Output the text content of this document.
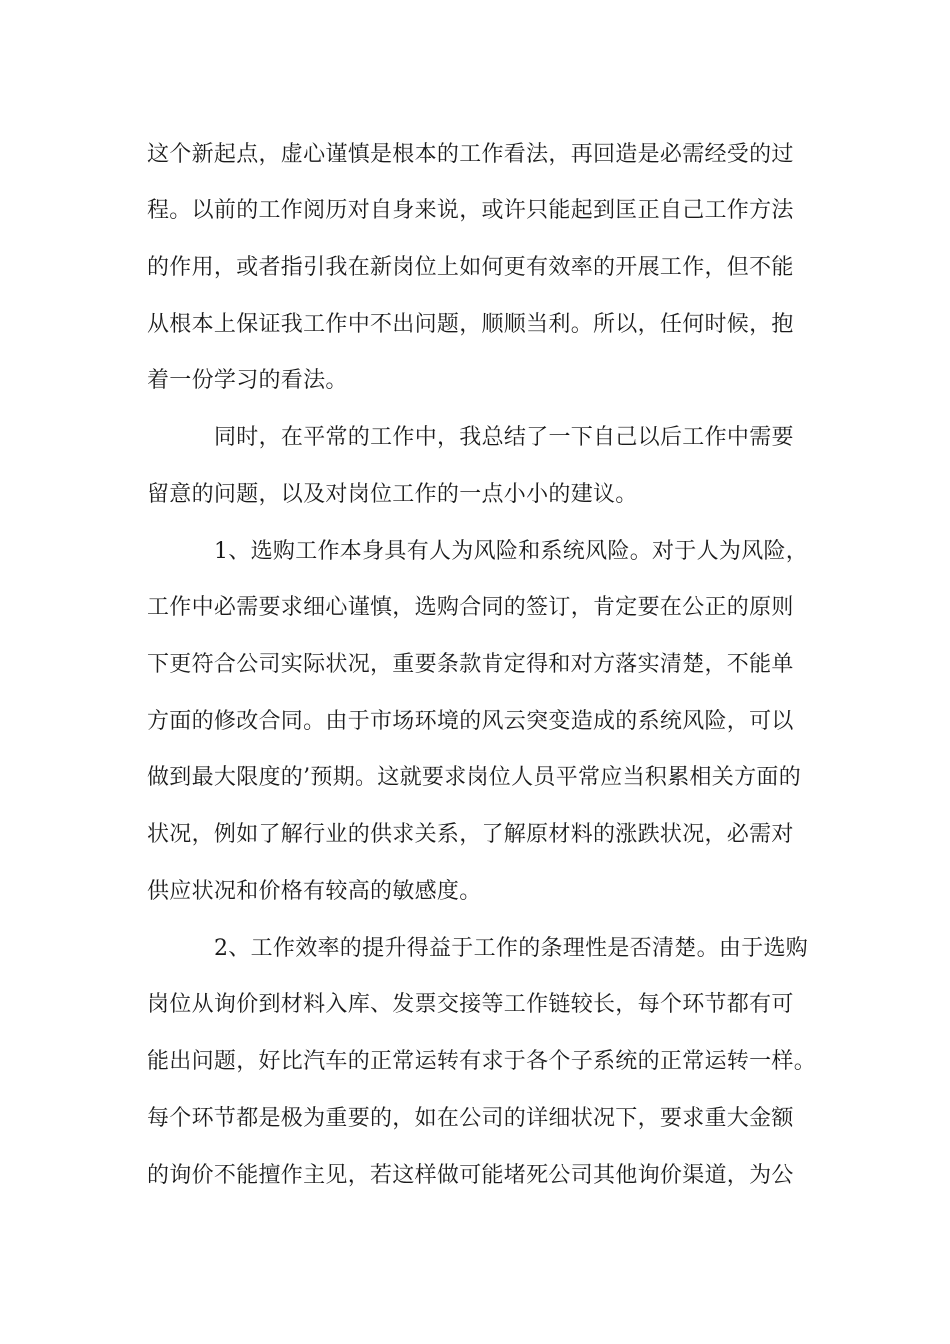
这个新起点，虚心谨慎是根本的工作看法，再回造是必需经受的过
程。以前的工作阅历对自身来说，或许只能起到匡正自己工作方法
的作用，或者指引我在新岗位上如何更有效率的开展工作，但不能
从根本上保证我工作中不出问题，顺顺当利。所以，任何时候，抱
着一份学习的看法。
同时，在平常的工作中，我总结了一下自己以后工作中需要
留意的问题，以及对岗位工作的一点小小的建议。
1、选购工作本身具有人为风险和系统风险。对于人为风险，
工作中必需要求细心谨慎，选购合同的签订，肯定要在公正的原则
下更符合公司实际状况，重要条款肯定得和对方落实清楚，不能单
方面的修改合同。由于市场环境的风云突变造成的系统风险，可以
做到最大限度的’预期。这就要求岗位人员平常应当积累相关方面的
状况，例如了解行业的供求关系，了解原材料的涨跌状况，必需对
供应状况和价格有较高的敏感度。
2、工作效率的提升得益于工作的条理性是否清楚。由于选购
岗位从询价到材料入库、发票交接等工作链较长，每个环节都有可
能出问题，好比汽车的正常运转有求于各个子系统的正常运转一样。
每个环节都是极为重要的，如在公司的详细状况下，要求重大金额
的询价不能擅作主见，若这样做可能堵死公司其他询价渠道，为公
